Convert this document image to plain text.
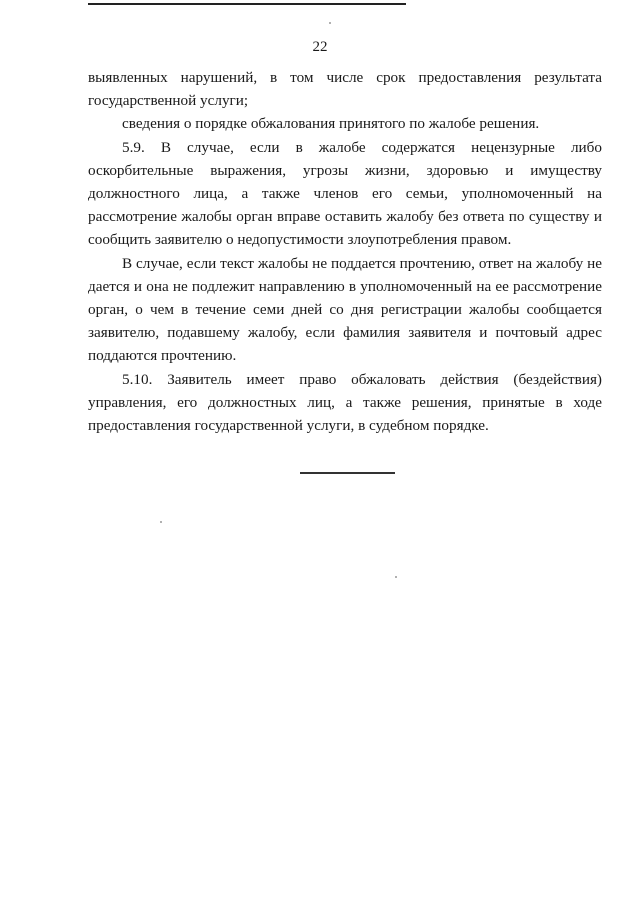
22

выявленных нарушений, в том числе срок предоставления результата государственной услуги;

сведения о порядке обжалования принятого по жалобе решения.

5.9. В случае, если в жалобе содержатся нецензурные либо оскорбительные выражения, угрозы жизни, здоровью и имуществу должностного лица, а также членов его семьи, уполномоченный на рассмотрение жалобы орган вправе оставить жалобу без ответа по существу и сообщить заявителю о недопустимости злоупотребления правом.

В случае, если текст жалобы не поддается прочтению, ответ на жалобу не дается и она не подлежит направлению в уполномоченный на ее рассмотрение орган, о чем в течение семи дней со дня регистрации жалобы сообщается заявителю, подавшему жалобу, если фамилия заявителя и почтовый адрес поддаются прочтению.

5.10. Заявитель имеет право обжаловать действия (бездействия) управления, его должностных лиц, а также решения, принятые в ходе предоставления государственной услуги, в судебном порядке.
